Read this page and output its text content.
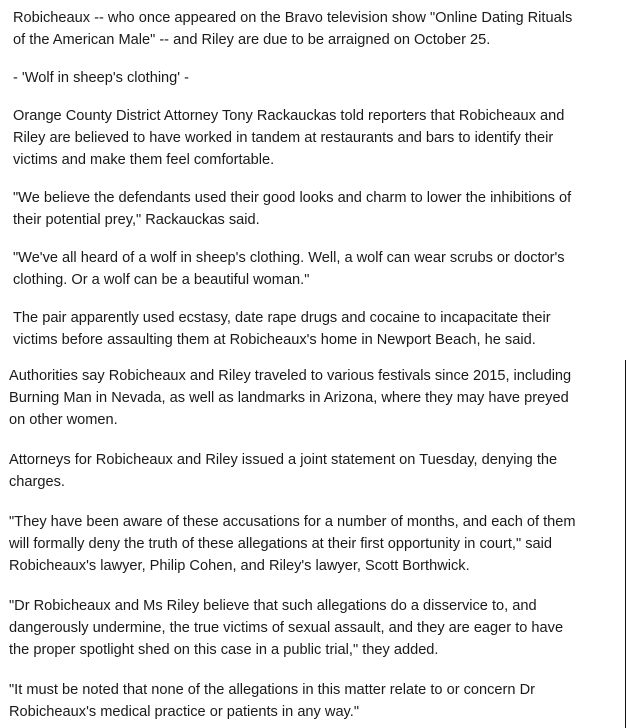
Robicheaux -- who once appeared on the Bravo television show "Online Dating Rituals

of the American Male" -- and Riley are due to be arraigned on October 25.

- 'Wolf in sheep's clothing' -

Orange County District Attorney Tony Rackauckas told reporters that Robicheaux and

Riley are believed to have worked in tandem at restaurants and bars to identify their

victims and make them feel comfortable.

"We believe the defendants used their good looks and charm to lower the inhibitions of

their potential prey," Rackauckas said.

"We've all heard of a wolf in sheep's clothing. Well, a wolf can wear scrubs or doctor's

clothing. Or a wolf can be a beautiful woman."

The pair apparently used ecstasy, date rape drugs and cocaine to incapacitate their

victims before assaulting them at Robicheaux's home in Newport Beach, he said.

Authorities say Robicheaux and Riley traveled to various festivals since 2015, including

Burning Man in Nevada, as well as landmarks in Arizona, where they may have preyed

on other women.

Attorneys for Robicheaux and Riley issued a joint statement on Tuesday, denying the

charges.

"They have been aware of these accusations for a number of months, and each of them

will formally deny the truth of these allegations at their first opportunity in court," said

Robicheaux's lawyer, Philip Cohen, and Riley's lawyer, Scott Borthwick.

"Dr Robicheaux and Ms Riley believe that such allegations do a disservice to, and

dangerously undermine, the true victims of sexual assault, and they are eager to have

the proper spotlight shed on this case in a public trial," they added.

"It must be noted that none of the allegations in this matter relate to or concern Dr

Robicheaux's medical practice or patients in any way."
